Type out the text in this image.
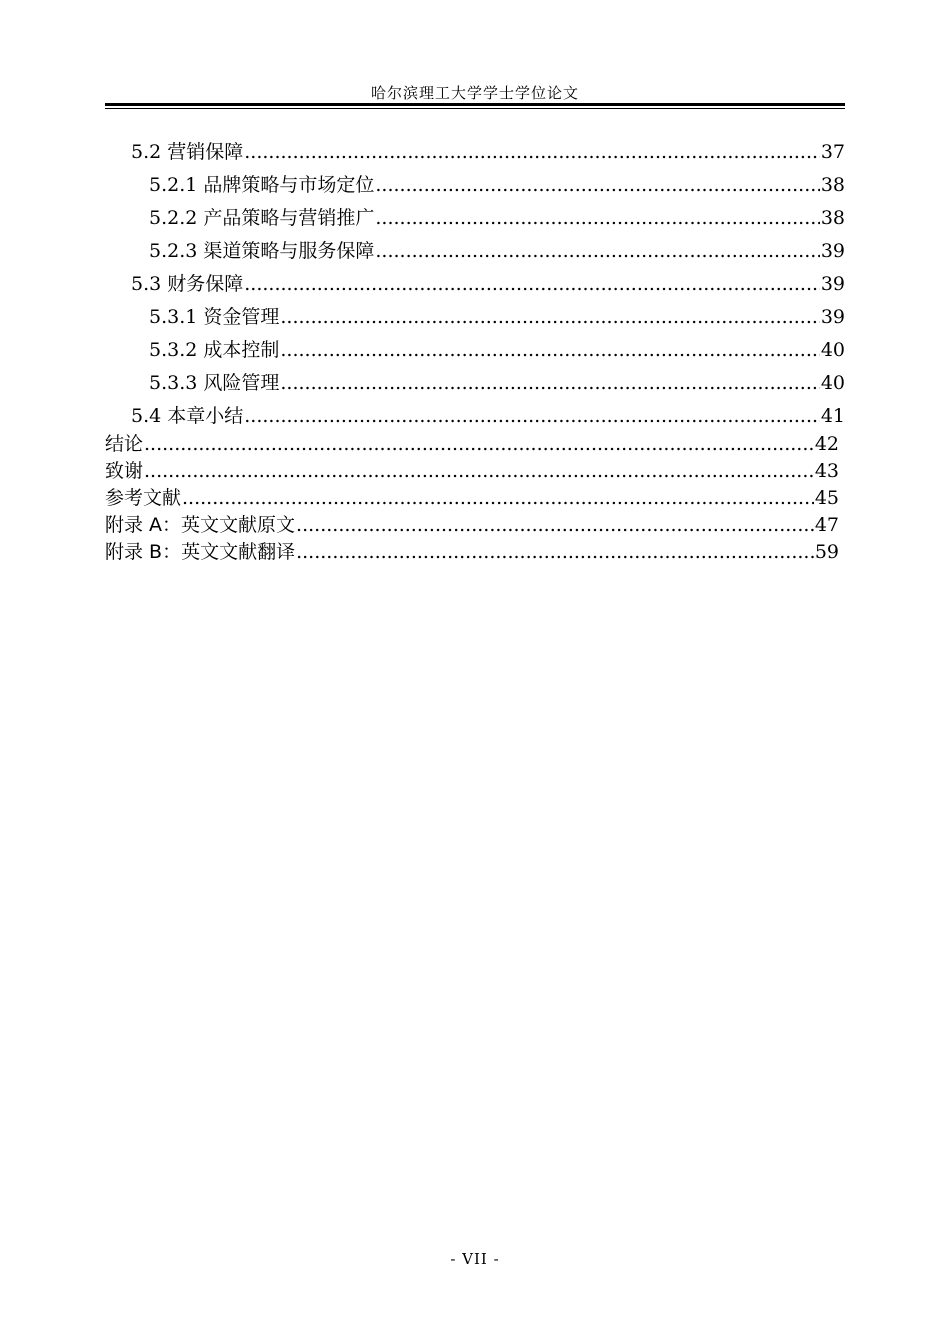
哈尔滨理工大学学士学位论文
5.2 营销保障 .....	37
5.2.1 品牌策略与市场定位 .....	38
5.2.2 产品策略与营销推广 .....	38
5.2.3 渠道策略与服务保障 .....	39
5.3 财务保障 .....	39
5.3.1 资金管理 .....	39
5.3.2 成本控制 .....	40
5.3.3 风险管理 .....	40
5.4 本章小结 .....	41
结论 .....	42
致谢 .....	43
参考文献 .....	45
附录 A：英文文献原文 .....	47
附录 B：英文文献翻译 .....	59
- VII -
